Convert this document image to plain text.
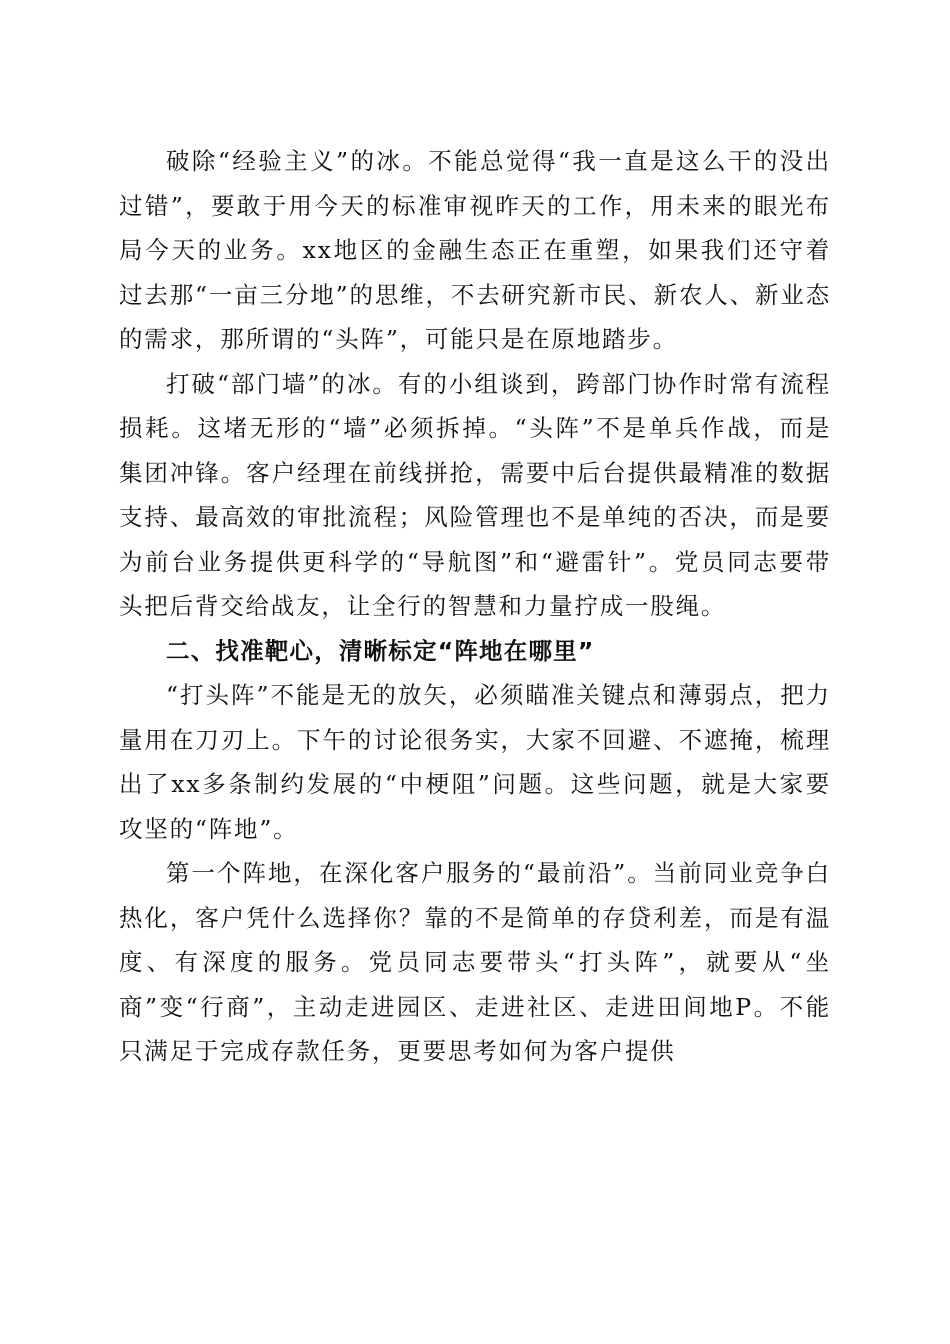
破除“经验主义”的冰。不能总觉得“我一直是这么干的没出过错”，要敢于用今天的标准审视昨天的工作，用未来的眼光布局今天的业务。xx地区的金融生态正在重塑，如果我们还守着过去那“一亩三分地”的思维，不去研究新市民、新农人、新业态的需求，那所谓的“头阵”，可能只是在原地踏步。

打破“部门墙”的冰。有的小组谈到，跨部门协作时常有流程损耗。这堵无形的“墙”必须拆掉。“头阵”不是单兵作战，而是集团冲锋。客户经理在前线拼抢，需要中后台提供最精准的数据支持、最高效的审批流程；风险管理也不是单纯的否决，而是要为前台业务提供更科学的“导航图”和“避雷针”。党员同志要带头把后背交给战友，让全行的智慧和力量拧成一股绳。

二、找准靶心，清晰标定“阵地在哪里”

“打头阵”不能是无的放矢，必须瞄准关键点和薄弱点，把力量用在刀刃上。下午的讨论很务实，大家不回避、不遮掩，梳理出了xx多条制约发展的“中梗阻”问题。这些问题，就是大家要攻坚的“阵地”。

第一个阵地，在深化客户服务的“最前沿”。当前同业竞争白热化，客户凭什么选择你？靠的不是简单的存贷利差，而是有温度、有深度的服务。党员同志要带头“打头阵”，就要从“坐商”变“行商”，主动走进园区、走进社区、走进田间地P。不能只满足于完成存款任务，更要思考如何为客户提供
